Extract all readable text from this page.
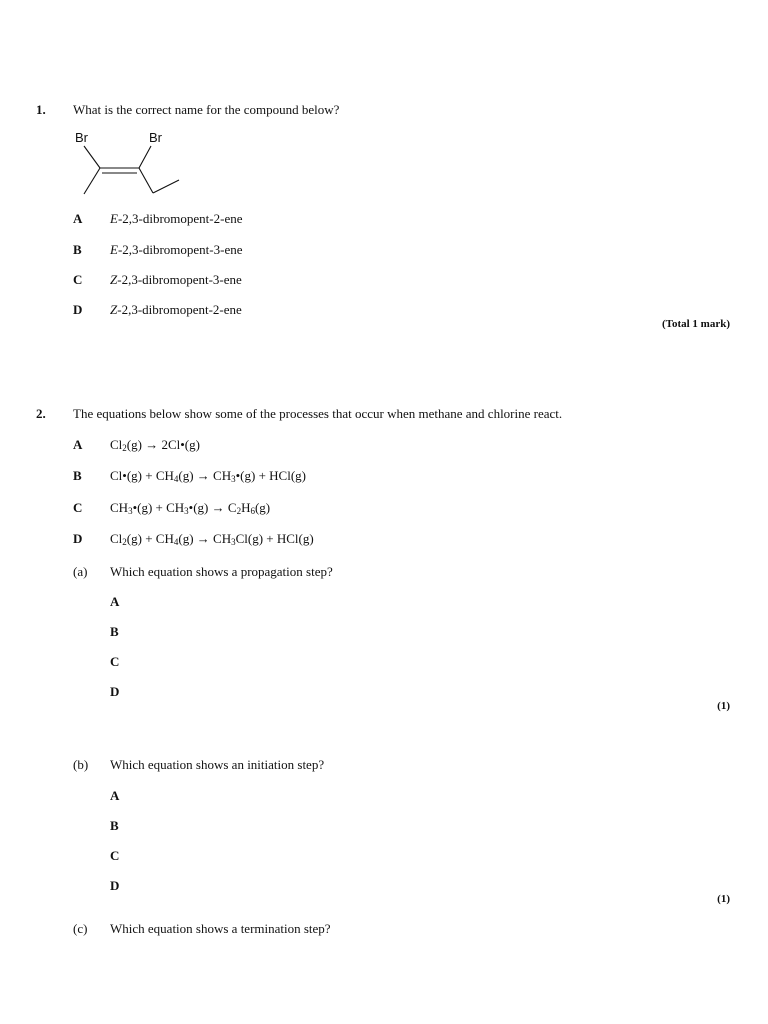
1. What is the correct name for the compound below?
Br	Br
A E-2,3-dibromopent-2-ene
B E-2,3-dibromopent-3-ene
C Z-2,3-dibromopent-3-ene
D Z-2,3-dibromopent-2-ene
(Total 1 mark)
2. The equations below show some of the processes that occur when methane and chlorine react.
A $Cl_2(g)$ → 2Cl•(g)
B Cl•(g) + $CH_4(g)$ → $CH_3•(g) + HCl(g)$
C $CH_3•(g)$ + $CH_3•(g) \to C_2H_6(g)$
D $Cl_2(g) + CH_4(g) \to CH_3Cl(g) + HCl(g)$
(a) Which equation shows a propagation step?
A
B
C
D
(1)
(b) Which equation shows an initiation step?
A
B
C
D
(1)
(c) Which equation shows a termination step?
